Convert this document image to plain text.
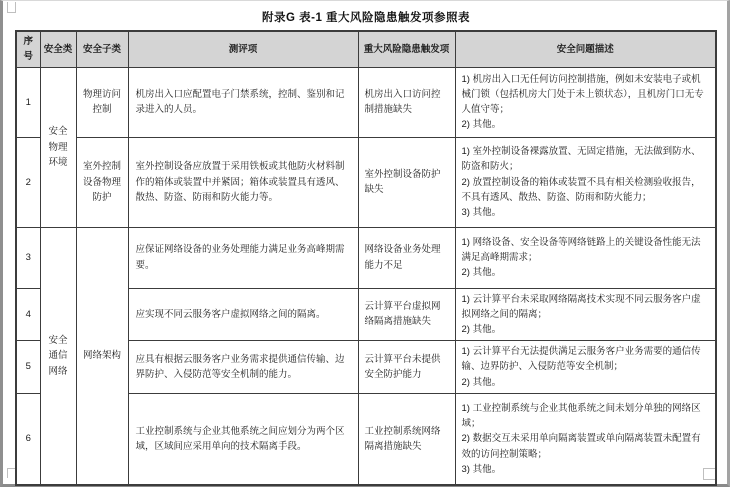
附录G 表-1 重大风险隐患触发项参照表
序号	安全类	安全子类	测评项	重大风险隐患触发项	安全问题描述
1	安全物理环境	物理访问控制	机房出入口应配置电子门禁系统，控制、鉴别和记录进入的人员。	机房出入口访问控制措施缺失	1) 机房出入口无任何访问控制措施，例如未安装电子或机械门锁（包括机房大门处于未上锁状态），且机房门口无专人值守等；
2) 其他。

2		室外控制设备物理防护	室外控制设备应放置于采用铁板或其他防火材料制作的箱体或装置中并紧固；箱体或装置具有透风、散热、防盗、防雨和防火能力等。	室外控制设备防护缺失	1) 室外控制设备裸露放置、无固定措施，无法做到防水、防盗和防火；
2) 放置控制设备的箱体或装置不具有相关检测验收报告，不具有透风、散热、防盗、防雨和防火能力；
3) 其他。

3	安全通信网络	网络架构	应保证网络设备的业务处理能力满足业务高峰期需要。	网络设备业务处理能力不足	1) 网络设备、安全设备等网络链路上的关键设备性能无法满足高峰期需求；
2) 其他。

4			应实现不同云服务客户虚拟网络之间的隔离。	云计算平台虚拟网络隔离措施缺失	1) 云计算平台未采取网络隔离技术实现不同云服务客户虚拟网络之间的隔离；
2) 其他。

5			应具有根据云服务客户业务需求提供通信传输、边界防护、入侵防范等安全机制的能力。	云计算平台未提供安全防护能力	1) 云计算平台无法提供满足云服务客户业务需要的通信传输、边界防护、入侵防范等安全机制；
2) 其他。

6			工业控制系统与企业其他系统之间应划分为两个区域，区域间应采用单向的技术隔离手段。	工业控制系统网络隔离措施缺失	1) 工业控制系统与企业其他系统之间未划分单独的网络区域；
2) 数据交互未采用单向隔离装置或单向隔离装置未配置有效的访问控制策略；
3) 其他。
